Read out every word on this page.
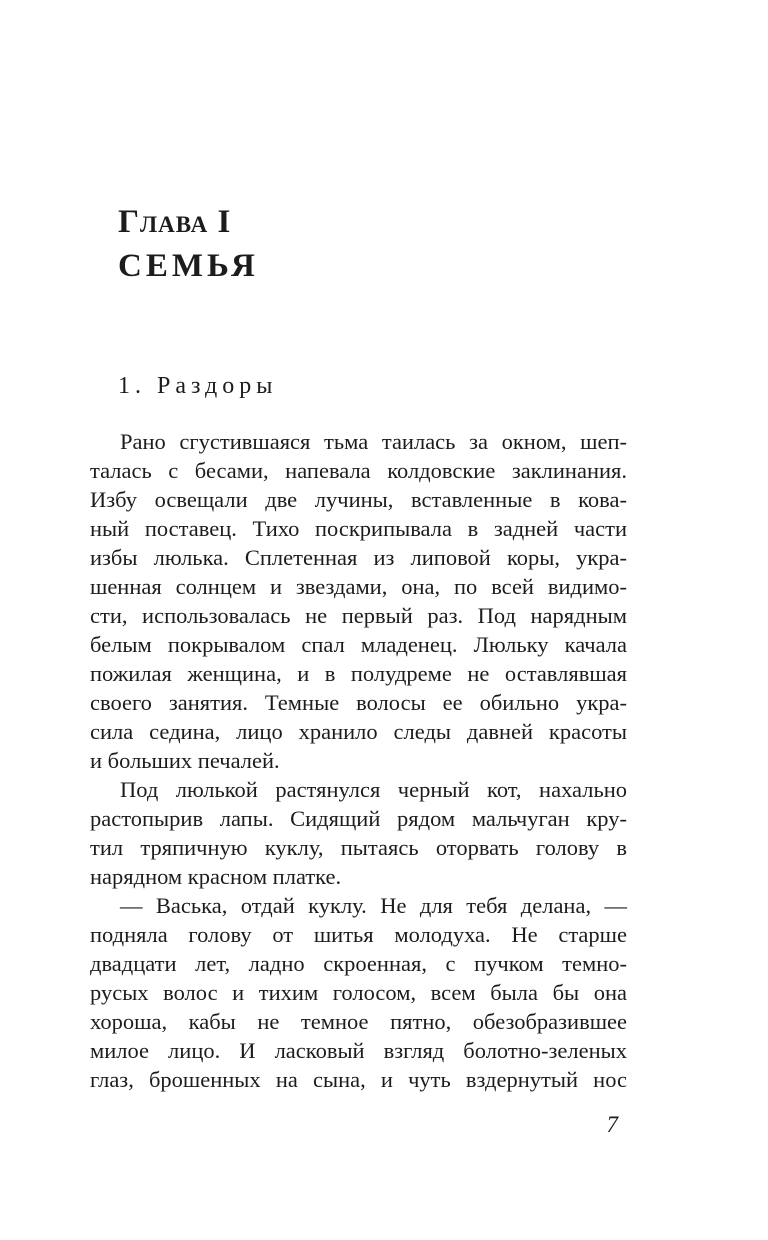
Глава I
СЕМЬЯ
1. Раздоры
Рано сгустившаяся тьма таилась за окном, шеп-
талась с бесами, напевала колдовские заклинания.
Избу освещали две лучины, вставленные в кова-
ный поставец. Тихо поскрипывала в задней части
избы люлька. Сплетенная из липовой коры, укра-
шенная солнцем и звездами, она, по всей видимо-
сти, использовалась не первый раз. Под нарядным
белым покрывалом спал младенец. Люльку качала
пожилая женщина, и в полудреме не оставлявшая
своего занятия. Темные волосы ее обильно укра-
сила седина, лицо хранило следы давней красоты
и больших печалей.
Под люлькой растянулся черный кот, нахально
растопырив лапы. Сидящий рядом мальчуган кру-
тил тряпичную куклу, пытаясь оторвать голову в
нарядном красном платке.
— Васька, отдай куклу. Не для тебя делана, —
подняла голову от шитья молодуха. Не старше
двадцати лет, ладно скроенная, с пучком темно-
русых волос и тихим голосом, всем была бы она
хороша, кабы не темное пятно, обезобразившее
милое лицо. И ласковый взгляд болотно-зеленых
глаз, брошенных на сына, и чуть вздернутый нос
7
